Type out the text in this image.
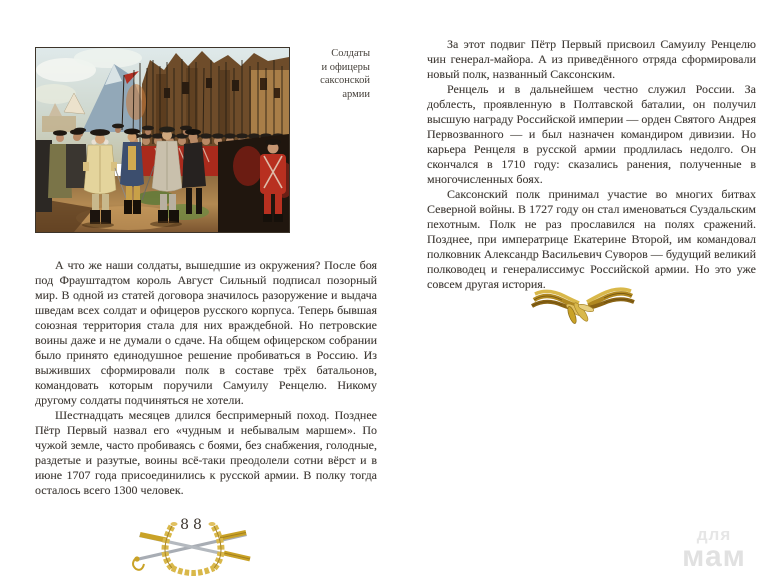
Солдаты
и офицеры
саксонской
армии

А что же наши солдаты, вышедшие из окружения? После боя под Фрауштадтом король Август Сильный подписал позорный мир. В одной из статей договора значилось разоружение и выдача шведам всех солдат и офицеров русского корпуса. Теперь бывшая союзная территория стала для них враждебной. Но петровские воины даже и не думали о сдаче. На общем офицерском собрании было принято единодушное решение пробиваться в Россию. Из выживших сформировали полк в составе трёх батальонов, командовать которым поручили Самуилу Ренцелю. Никому другому солдаты подчиняться не хотели.

Шестнадцать месяцев длился беспримерный поход. Позднее Пётр Первый назвал его «чудным и небывалым маршем». По чужой земле, часто пробиваясь с боями, без снабжения, голодные, раздетые и разутые, воины всё-таки преодолели сотни вёрст и в июне 1707 года присоединились к русской армии. В полку тогда осталось всего 1300 человек.

88

За этот подвиг Пётр Первый присвоил Самуилу Ренцелю чин генерал-майора. А из приведённого отряда сформировали новый полк, названный Саксонским.

Ренцель и в дальнейшем честно служил России. За доблесть, проявленную в Полтавской баталии, он получил высшую награду Российской империи — орден Святого Андрея Первозванного — и был назначен командиром дивизии. Но карьера Ренцеля в русской армии продлилась недолго. Он скончался в 1710 году: сказались ранения, полученные в многочисленных боях.

Саксонский полк принимал участие во многих битвах Северной войны. В 1727 году он стал именоваться Суздальским пехотным. Полк не раз прославился на полях сражений. Позднее, при императрице Екатерине Второй, им командовал полковник Александр Васильевич Суворов — будущий великий полководец и генералиссимус Российской армии. Но это уже совсем другая история.

для
мам
